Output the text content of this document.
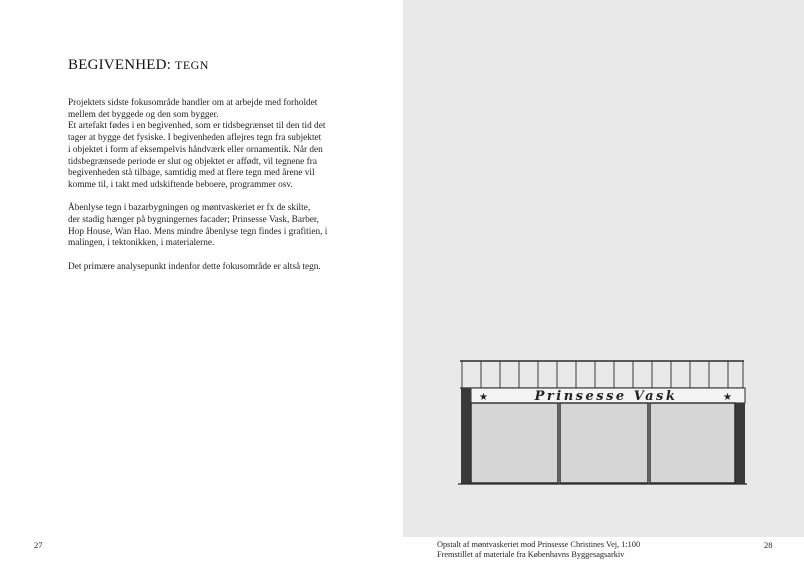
BEGIVENHED: TEGN

Projektets sidste fokusområde handler om at arbejde med forholdet
mellem det byggede og den som bygger.
Et artefakt fødes i en begivenhed, som er tidsbegrænset til den tid det
tager at bygge det fysiske. I begivenheden aflejres tegn fra subjektet
i objektet i form af eksempelvis håndværk eller ornamentik. Når den
tidsbegrænsede periode er slut og objektet er affødt, vil tegnene fra
begivenheden stå tilbage, samtidig med at flere tegn med årene vil
komme til, i takt med udskiftende beboere, programmer osv.

Åbenlyse tegn i bazarbygningen og møntvaskeriet er fx de skilte,
der stadig hænger på bygningernes facader; Prinsesse Vask, Barber,
Hop House, Wan Hao. Mens mindre åbenlyse tegn findes i grafitien, i
malingen, i tektonikken, i materialerne.

Det primære analysepunkt indenfor dette fokusområde er altså tegn.

27
★	★
Prinsesse Vask
Opstalt af møntvaskeriet mod Prinsesse Christines Vej, 1:100
Fremstillet af materiale fra Københavns Byggesagsarkiv
28
